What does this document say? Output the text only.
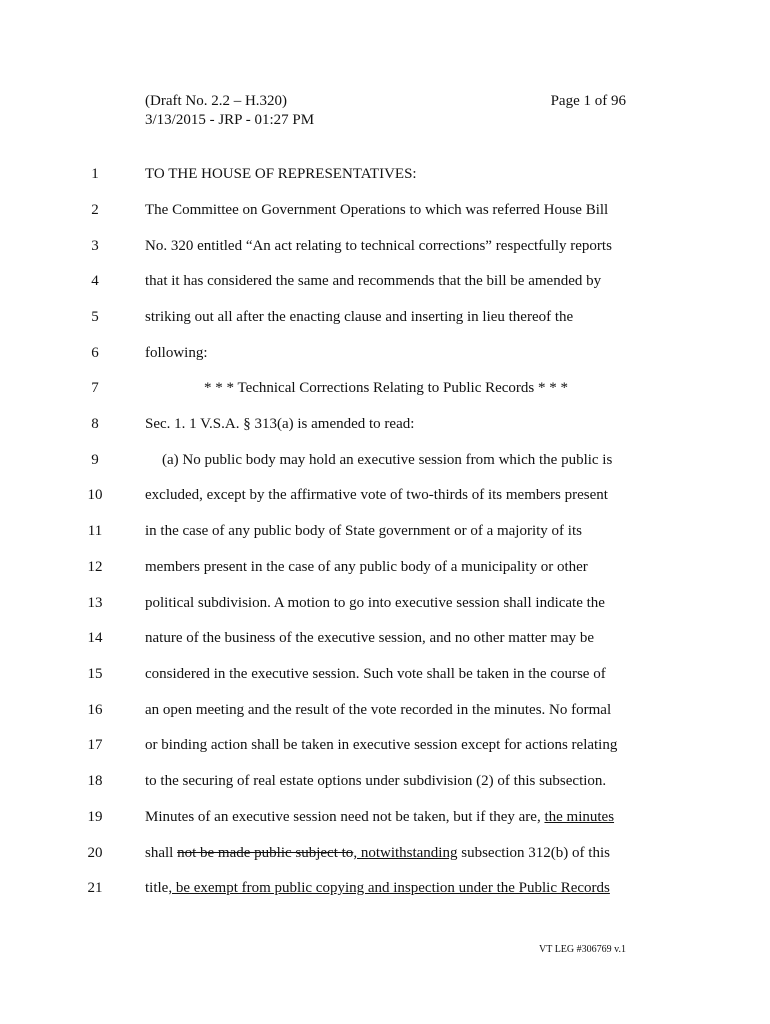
(Draft No. 2.2 – H.320)
3/13/2015 - JRP - 01:27 PM
Page 1 of 96
1	TO THE HOUSE OF REPRESENTATIVES:
2	The Committee on Government Operations to which was referred House Bill
3	No. 320 entitled “An act relating to technical corrections” respectfully reports
4	that it has considered the same and recommends that the bill be amended by
5	striking out all after the enacting clause and inserting in lieu thereof the
6	following:
7	* * * Technical Corrections Relating to Public Records * * *
8	Sec. 1. 1 V.S.A. § 313(a) is amended to read:
9	(a) No public body may hold an executive session from which the public is
10	excluded, except by the affirmative vote of two-thirds of its members present
11	in the case of any public body of State government or of a majority of its
12	members present in the case of any public body of a municipality or other
13	political subdivision. A motion to go into executive session shall indicate the
14	nature of the business of the executive session, and no other matter may be
15	considered in the executive session. Such vote shall be taken in the course of
16	an open meeting and the result of the vote recorded in the minutes. No formal
17	or binding action shall be taken in executive session except for actions relating
18	to the securing of real estate options under subdivision (2) of this subsection.
19	Minutes of an executive session need not be taken, but if they are, the minutes
20	shall not be made public subject to, notwithstanding subsection 312(b) of this
21	title, be exempt from public copying and inspection under the Public Records
VT LEG #306769 v.1
